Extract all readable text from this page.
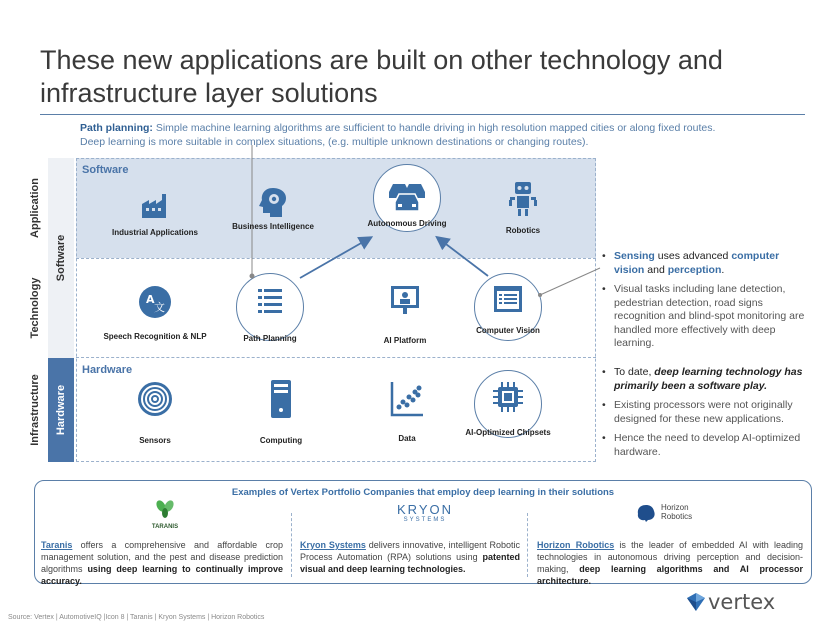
These new applications are built on other technology and infrastructure layer solutions
Path planning: Simple machine learning algorithms are sufficient to handle driving in high resolution mapped cities or along fixed routes. Deep learning is more suitable in complex situations, (e.g. multiple unknown destinations or changing routes).
Application
Technology
Infrastructure
Software
Hardware
Software
Hardware
Industrial Applications
Business Intelligence	Autonomous Driving
Robotics
A
文
Speech Recognition & NLP	Path Planning	AI Platform
Computer Vision
Sensors	Computing	Data
AI-Optimized Chipsets
• Sensing uses advanced computer vision and perception.
• Visual tasks including lane detection, pedestrian detection, road signs recognition and blind-spot monitoring are handled more effectively with deep learning.
• To date, deep learning technology has primarily been a software play.
• Existing processors were not originally designed for these new applications.
• Hence the need to develop AI-optimized hardware.
Examples of Vertex Portfolio Companies that employ deep learning in their solutions
TARANIS
KRYON
SYSTEMS
Horizon
Robotics
Taranis offers a comprehensive and affordable crop management solution, and the pest and disease prediction algorithms using deep learning to continually improve accuracy.
Kryon Systems delivers innovative, intelligent Robotic Process Automation (RPA) solutions using patented visual and deep learning technologies.
Horizon Robotics is the leader of embedded AI with leading technologies in autonomous driving perception and decision-making, deep learning algorithms and AI processor architecture.
Source: Vertex | AutomotiveIQ |Icon 8 | Taranis | Kryon Systems | Horizon Robotics
vertex
